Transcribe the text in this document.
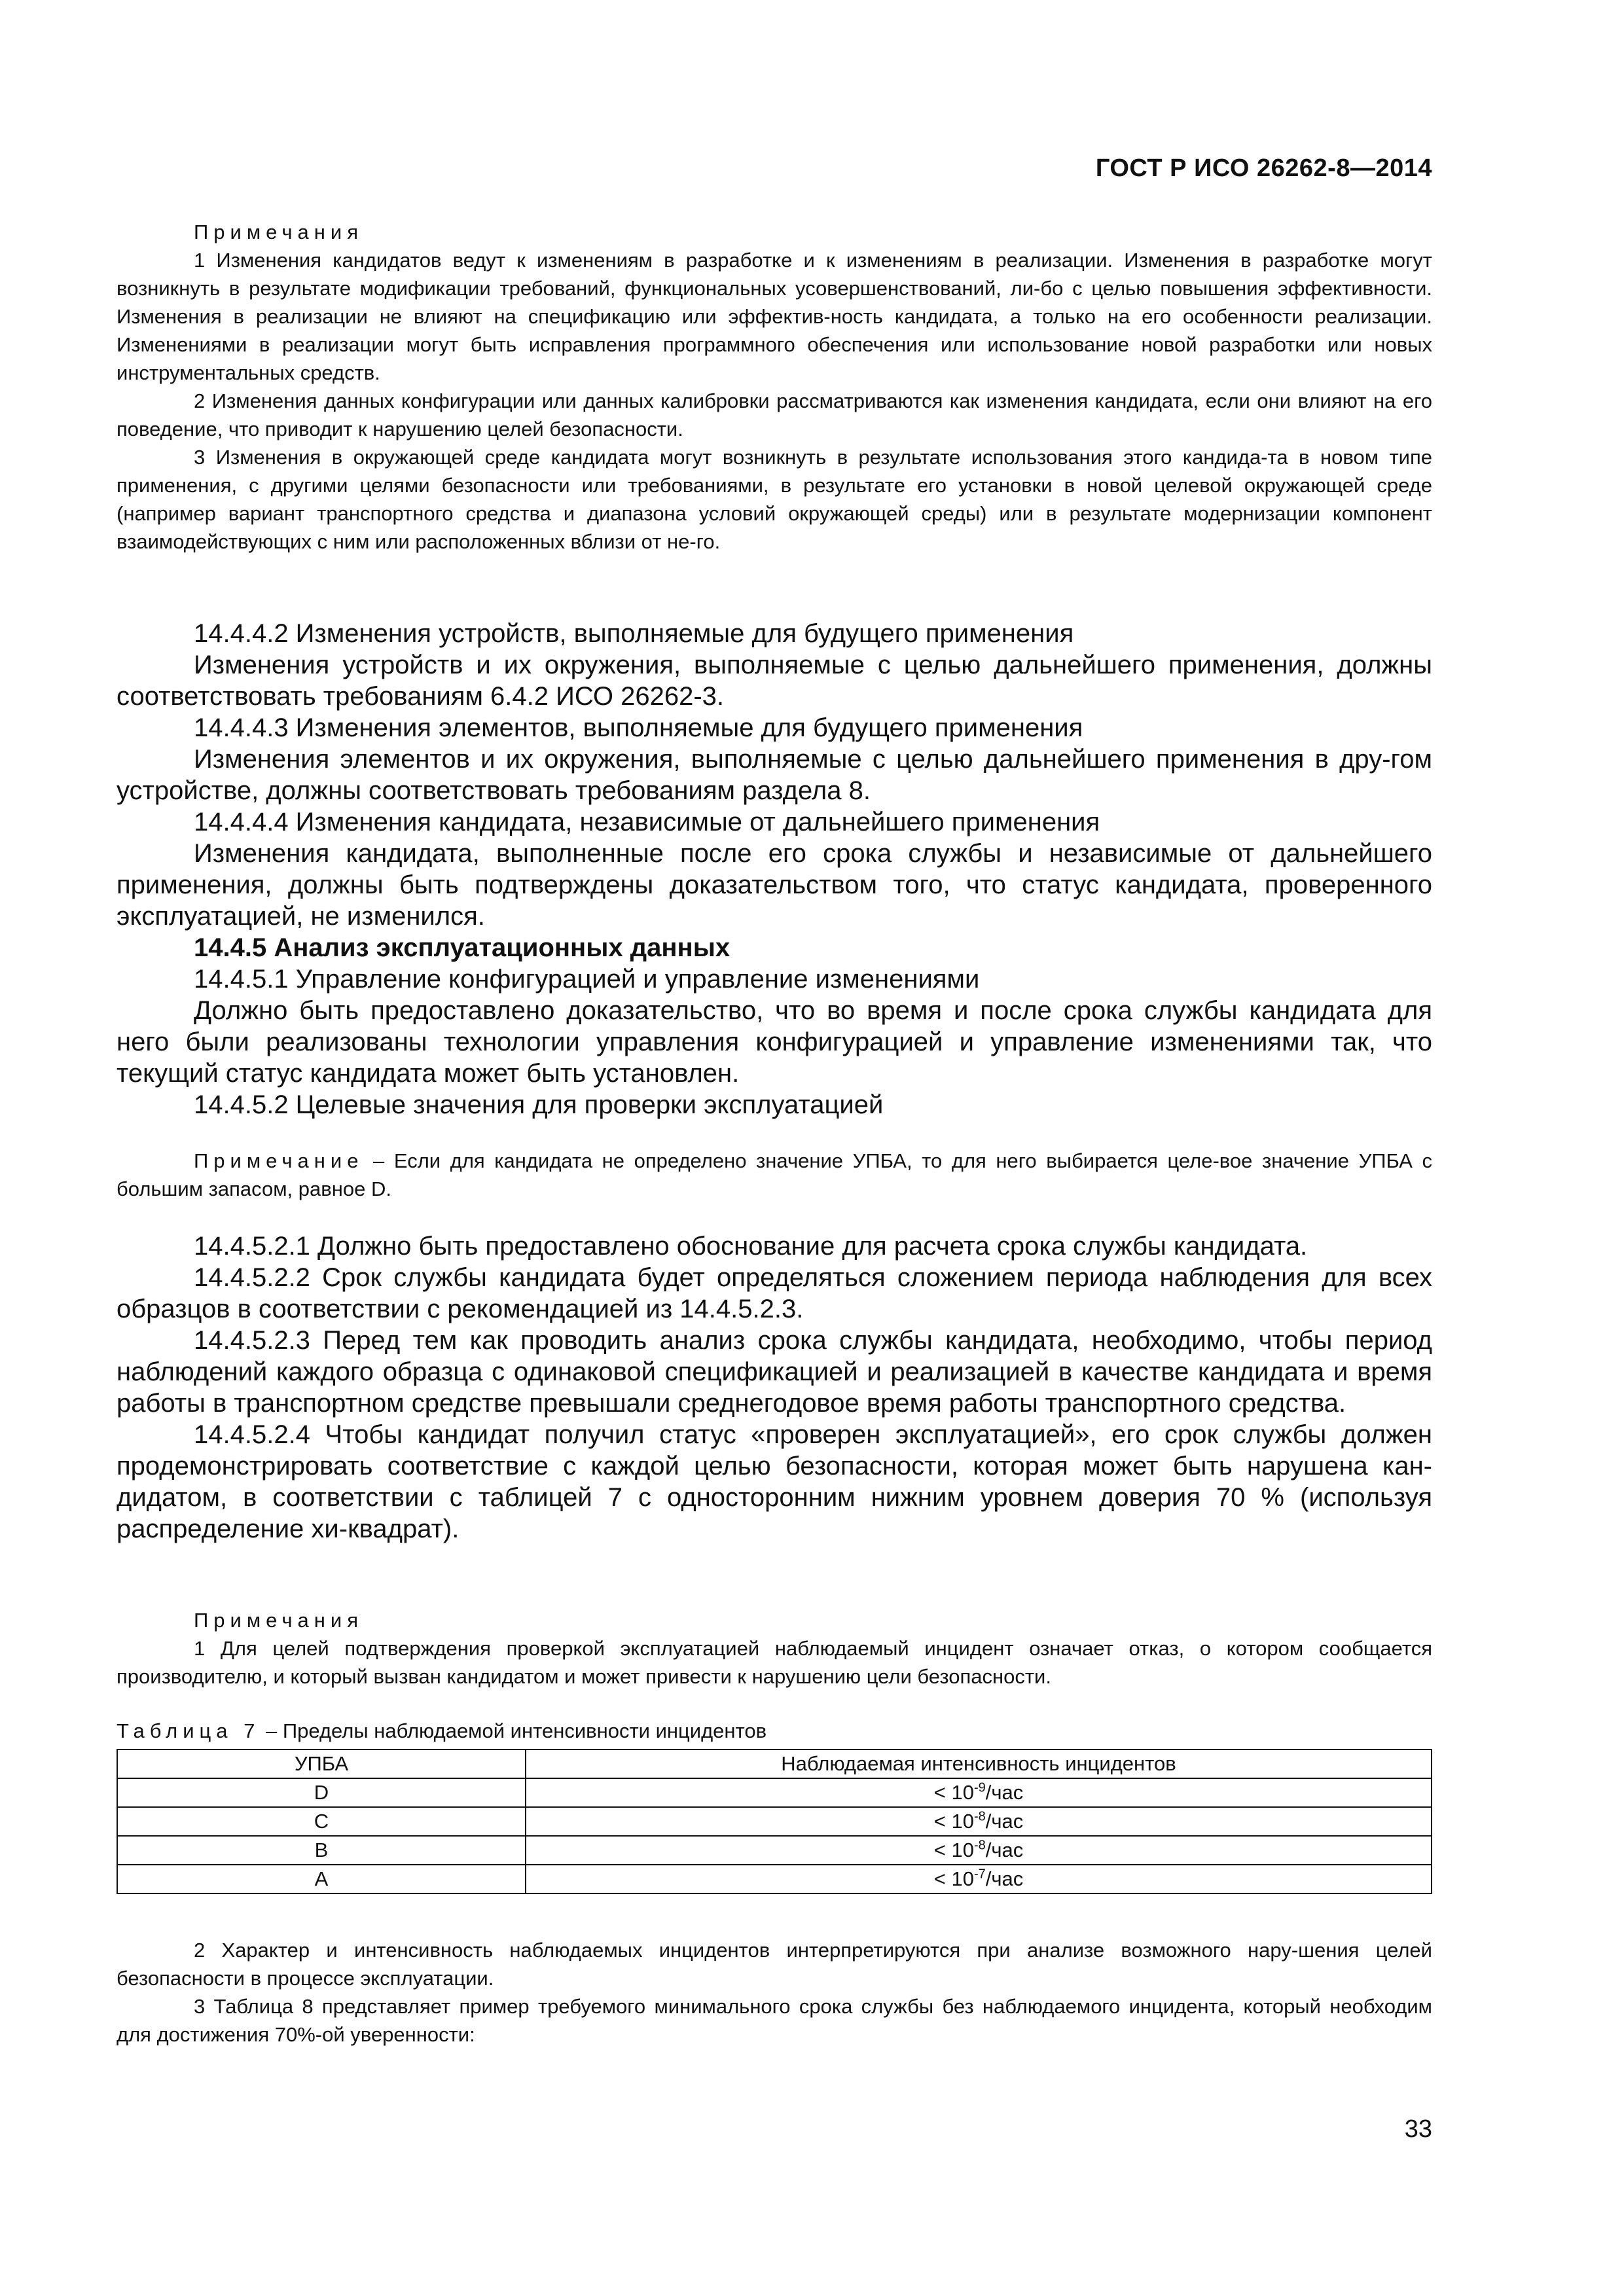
ГОСТ Р ИСО 26262-8—2014

Примечания

1 Изменения кандидатов ведут к изменениям в разработке и к изменениям в реализации. Изменения в разработке могут возникнуть в результате модификации требований, функциональных усовершенствований, ли-бо с целью повышения эффективности. Изменения в реализации не влияют на спецификацию или эффектив-ность кандидата, а только на его особенности реализации. Изменениями в реализации могут быть исправления программного обеспечения или использование новой разработки или новых инструментальных средств.

2 Изменения данных конфигурации или данных калибровки рассматриваются как изменения кандидата, если они влияют на его поведение, что приводит к нарушению целей безопасности.

3 Изменения в окружающей среде кандидата могут возникнуть в результате использования этого кандида-та в новом типе применения, с другими целями безопасности или требованиями, в результате его установки в новой целевой окружающей среде (например вариант транспортного средства и диапазона условий окружающей среды) или в результате модернизации компонент взаимодействующих с ним или расположенных вблизи от не-го.

14.4.4.2 Изменения устройств, выполняемые для будущего применения

Изменения устройств и их окружения, выполняемые с целью дальнейшего применения, должны соответствовать требованиям 6.4.2 ИСО 26262-3.

14.4.4.3 Изменения элементов, выполняемые для будущего применения

Изменения элементов и их окружения, выполняемые с целью дальнейшего применения в дру-гом устройстве, должны соответствовать требованиям раздела 8.

14.4.4.4 Изменения кандидата, независимые от дальнейшего применения

Изменения кандидата, выполненные после его срока службы и независимые от дальнейшего применения, должны быть подтверждены доказательством того, что статус кандидата, проверенного эксплуатацией, не изменился.

14.4.5 Анализ эксплуатационных данных

14.4.5.1 Управление конфигурацией и управление изменениями

Должно быть предоставлено доказательство, что во время и после срока службы кандидата для него были реализованы технологии управления конфигурацией и управление изменениями так, что текущий статус кандидата может быть установлен.

14.4.5.2 Целевые значения для проверки эксплуатацией

Примечание – Если для кандидата не определено значение УПБА, то для него выбирается целе-вое значение УПБА с большим запасом, равное D.

14.4.5.2.1 Должно быть предоставлено обоснование для расчета срока службы кандидата.

14.4.5.2.2 Срок службы кандидата будет определяться сложением периода наблюдения для всех образцов в соответствии с рекомендацией из 14.4.5.2.3.

14.4.5.2.3 Перед тем как проводить анализ срока службы кандидата, необходимо, чтобы период наблюдений каждого образца с одинаковой спецификацией и реализацией в качестве кандидата и время работы в транспортном средстве превышали среднегодовое время работы транспортного средства.

14.4.5.2.4 Чтобы кандидат получил статус «проверен эксплуатацией», его срок службы должен продемонстрировать соответствие с каждой целью безопасности, которая может быть нарушена кан-дидатом, в соответствии с таблицей 7 с односторонним нижним уровнем доверия 70 % (используя распределение хи-квадрат).

Примечания

1 Для целей подтверждения проверкой эксплуатацией наблюдаемый инцидент означает отказ, о котором сообщается производителю, и который вызван кандидатом и может привести к нарушению цели безопасности.

Таблица 7 – Пределы наблюдаемой интенсивности инцидентов
УПБА	Наблюдаемая интенсивность инцидентов
D	< $10^{-9}$/час
C	< $10^{-8}$/час
B	< $10^{-8}$/час
A	< $10^{-7}$/час

2 Характер и интенсивность наблюдаемых инцидентов интерпретируются при анализе возможного нару-шения целей безопасности в процессе эксплуатации.

3 Таблица 8 представляет пример требуемого минимального срока службы без наблюдаемого инцидента, который необходим для достижения 70%-ой уверенности:

33
